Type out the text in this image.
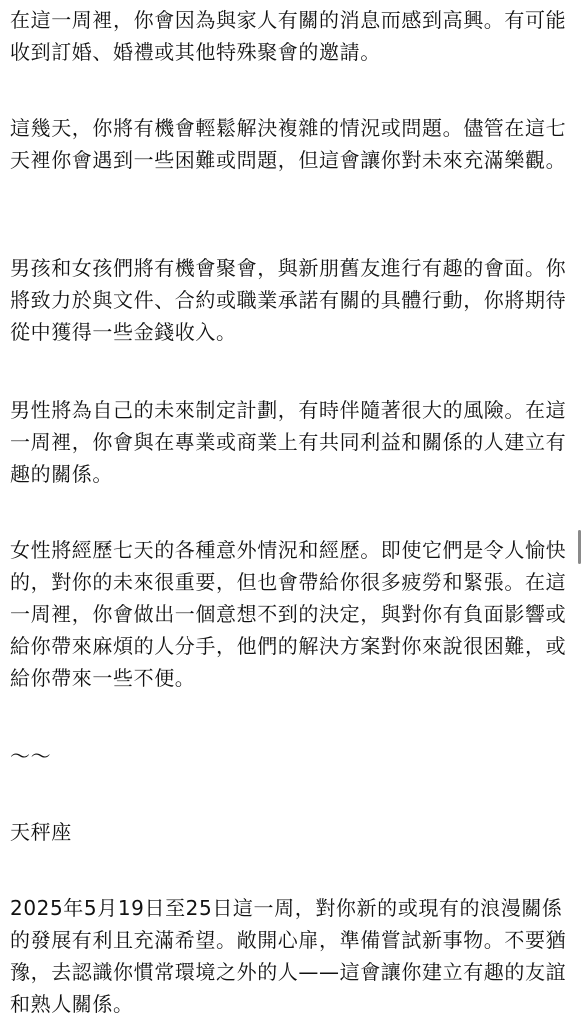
在這一周裡，你會因為與家人有關的消息而感到高興。有可能收到訂婚、婚禮或其他特殊聚會的邀請。

這幾天，你將有機會輕鬆解決複雜的情況或問題。儘管在這七天裡你會遇到一些困難或問題，但這會讓你對未來充滿樂觀。

男孩和女孩們將有機會聚會，與新朋舊友進行有趣的會面。你將致力於與文件、合約或職業承諾有關的具體行動，你將期待從中獲得一些金錢收入。

男性將為自己的未來制定計劃，有時伴隨著很大的風險。在這一周裡，你會與在專業或商業上有共同利益和關係的人建立有趣的關係。

女性將經歷七天的各種意外情況和經歷。即使它們是令人愉快的，對你的未來很重要，但也會帶給你很多疲勞和緊張。在這一周裡，你會做出一個意想不到的決定，與對你有負面影響或給你帶來麻煩的人分手，他們的解決方案對你來說很困難，或給你帶來一些不便。

～～

天秤座

2025年5月19日至25日這一周，對你新的或現有的浪漫關係的發展有利且充滿希望。敞開心扉，準備嘗試新事物。不要猶豫，去認識你慣常環境之外的人——這會讓你建立有趣的友誼和熟人關係。
